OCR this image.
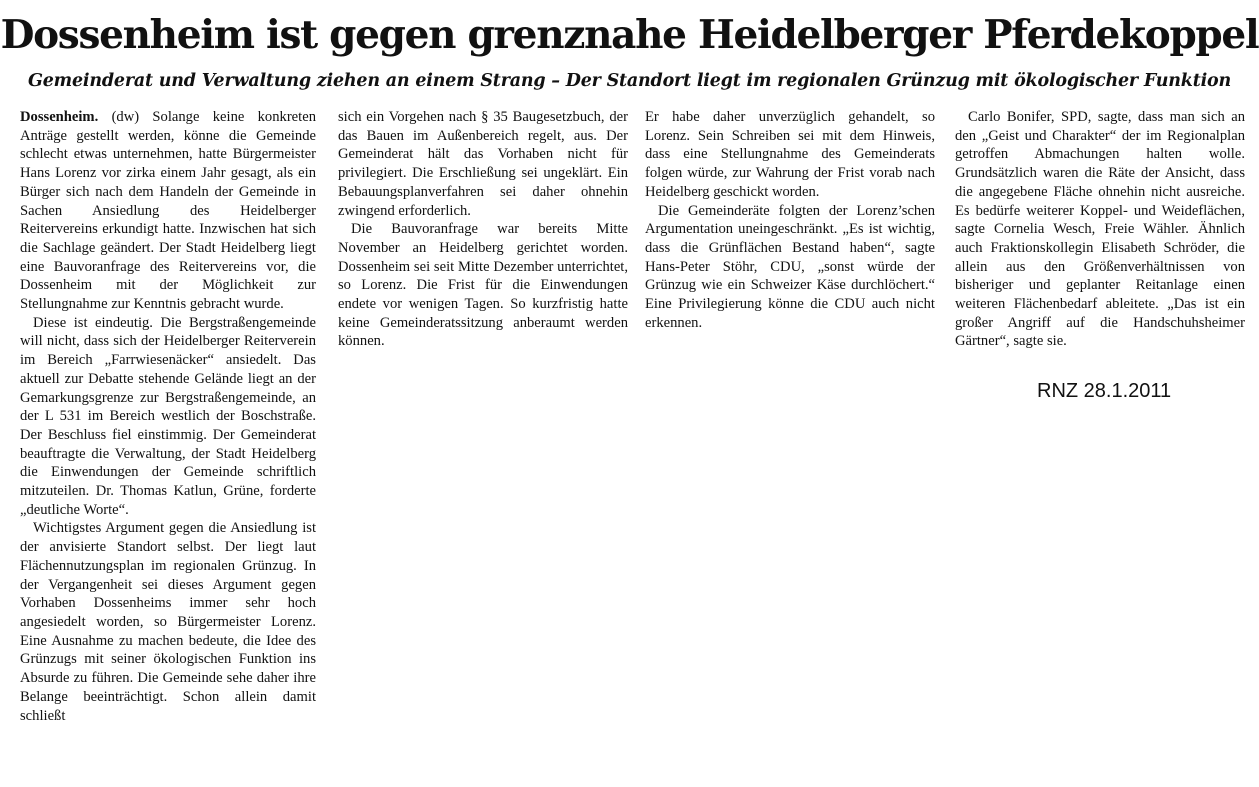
Dossenheim ist gegen grenznahe Heidelberger Pferdekoppel
Gemeinderat und Verwaltung ziehen an einem Strang – Der Standort liegt im regionalen Grünzug mit ökologischer Funktion

Dossenheim. (dw) Solange keine konkreten Anträge gestellt werden, könne die Gemeinde schlecht etwas unternehmen, hatte Bürgermeister Hans Lorenz vor zirka einem Jahr gesagt, als ein Bürger sich nach dem Handeln der Gemeinde in Sachen Ansiedlung des Heidelberger Reitervereins erkundigt hatte. Inzwischen hat sich die Sachlage geändert. Der Stadt Heidelberg liegt eine Bauvoranfrage des Reitervereins vor, die Dossenheim mit der Möglichkeit zur Stellungnahme zur Kenntnis gebracht wurde.

Diese ist eindeutig. Die Bergstraßengemeinde will nicht, dass sich der Heidelberger Reiterverein im Bereich „Farrwiesenäcker“ ansiedelt. Das aktuell zur Debatte stehende Gelände liegt an der Gemarkungsgrenze zur Bergstraßengemeinde, an der L 531 im Bereich westlich der Boschstraße. Der Beschluss fiel einstimmig. Der Gemeinderat beauftragte die Verwaltung, der Stadt Heidelberg die Einwendungen der Gemeinde schriftlich mitzuteilen. Dr. Thomas Katlun, Grüne, forderte „deutliche Worte“.

Wichtigstes Argument gegen die Ansiedlung ist der anvisierte Standort selbst. Der liegt laut Flächennutzungsplan im regionalen Grünzug. In der Vergangenheit sei dieses Argument gegen Vorhaben Dossenheims immer sehr hoch angesiedelt worden, so Bürgermeister Lorenz. Eine Ausnahme zu machen bedeute, die Idee des Grünzugs mit seiner ökologischen Funktion ins Absurde zu führen. Die Gemeinde sehe daher ihre Belange beeinträchtigt. Schon allein damit schließt

sich ein Vorgehen nach § 35 Baugesetzbuch, der das Bauen im Außenbereich regelt, aus. Der Gemeinderat hält das Vorhaben nicht für privilegiert. Die Erschließung sei ungeklärt. Ein Bebauungsplanverfahren sei daher ohnehin zwingend erforderlich.

Die Bauvoranfrage war bereits Mitte November an Heidelberg gerichtet worden. Dossenheim sei seit Mitte Dezember unterrichtet, so Lorenz. Die Frist für die Einwendungen endete vor wenigen Tagen. So kurzfristig hatte keine Gemeinderatssitzung anberaumt werden können.

Er habe daher unverzüglich gehandelt, so Lorenz. Sein Schreiben sei mit dem Hinweis, dass eine Stellungnahme des Gemeinderats folgen würde, zur Wahrung der Frist vorab nach Heidelberg geschickt worden.

Die Gemeinderäte folgten der Lorenz’schen Argumentation uneingeschränkt. „Es ist wichtig, dass die Grünflächen Bestand haben“, sagte Hans-Peter Stöhr, CDU, „sonst würde der Grünzug wie ein Schweizer Käse durchlöchert.“ Eine Privilegierung könne die CDU auch nicht erkennen.

Carlo Bonifer, SPD, sagte, dass man sich an den „Geist und Charakter“ der im Regionalplan getroffen Abmachungen halten wolle. Grundsätzlich waren die Räte der Ansicht, dass die angegebene Fläche ohnehin nicht ausreiche. Es bedürfe weiterer Koppel- und Weideflächen, sagte Cornelia Wesch, Freie Wähler. Ähnlich auch Fraktionskollegin Elisabeth Schröder, die allein aus den Größenverhältnissen von bisheriger und geplanter Reitanlage einen weiteren Flächenbedarf ableitete. „Das ist ein großer Angriff auf die Handschuhsheimer Gärtner“, sagte sie.

RNZ 28.1.2011
